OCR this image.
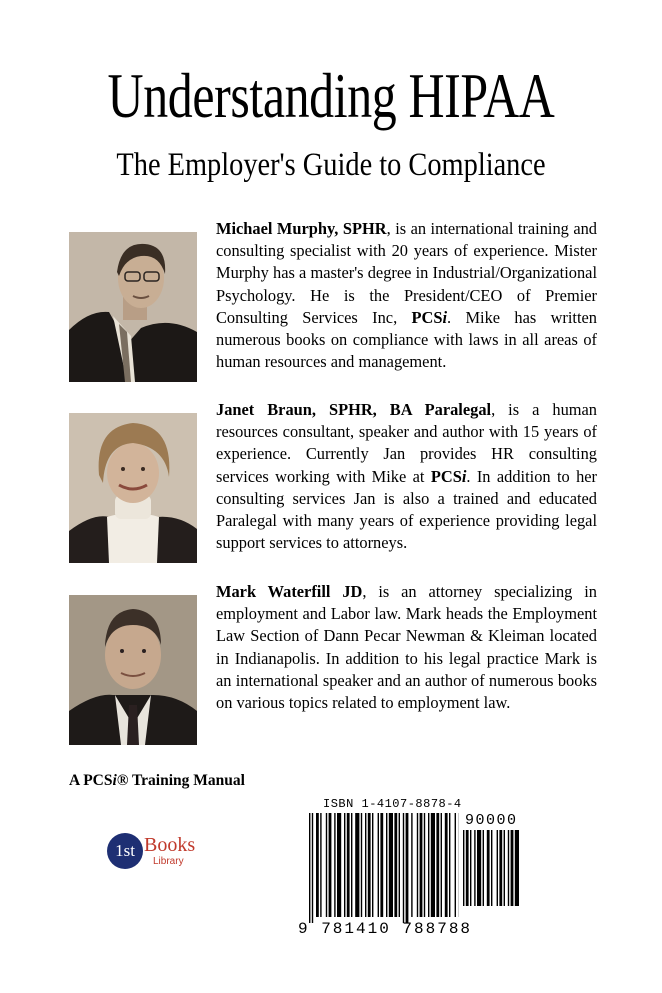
Understanding HIPAA
The Employer's Guide to Compliance
Michael Murphy, SPHR, is an international training and consulting specialist with 20 years of experience. Mister Murphy has a master's degree in Industrial/Organizational Psychology. He is the President/CEO of Premier Consulting Services Inc, PCSi. Mike has written numerous books on compliance with laws in all areas of human resources and management.
Janet Braun, SPHR, BA Paralegal, is a human resources consultant, speaker and author with 15 years of experience. Currently Jan provides HR consulting services working with Mike at PCSi. In addition to her consulting services Jan is also a trained and educated Paralegal with many years of experience providing legal support services to attorneys.
Mark Waterfill JD, is an attorney specializing in employment and Labor law. Mark heads the Employment Law Section of Dann Pecar Newman & Kleiman located in Indianapolis. In addition to his legal practice Mark is an international speaker and an author of numerous books on various topics related to employment law.
A PCSi® Training Manual
1st Books
Library
ISBN 1-4107-8878-4
9 781410 788788
90000
